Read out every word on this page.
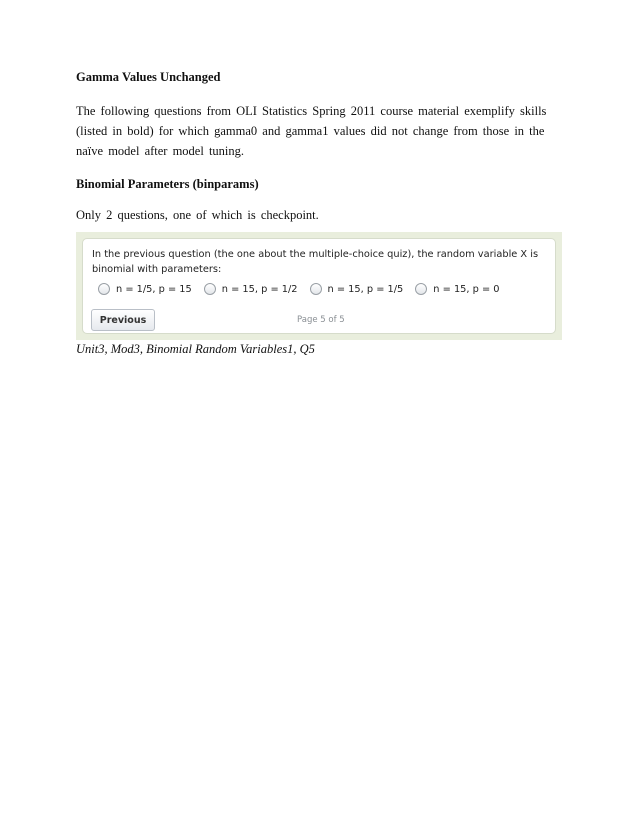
Gamma Values Unchanged
The following questions from OLI Statistics Spring 2011 course material exemplify skills (listed in bold) for which gamma0 and gamma1 values did not change from those in the naïve model after model tuning.
Binomial Parameters (binparams)
Only 2 questions, one of which is checkpoint.
In the previous question (the one about the multiple-choice quiz), the random variable X is binomial with parameters:
n = 1/5, p = 15	n = 15, p = 1/2	n = 15, p = 1/5	n = 15, p = 0
Previous	Page 5 of 5
Unit3, Mod3, Binomial Random Variables1, Q5
